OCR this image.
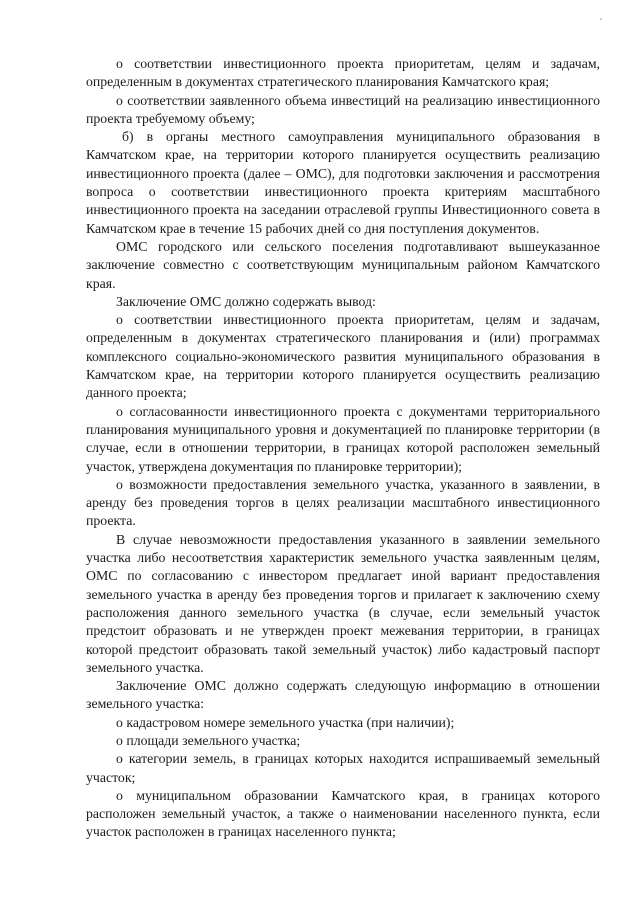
о соответствии инвестиционного проекта приоритетам, целям и задачам, определенным в документах стратегического планирования Камчатского края;

о соответствии заявленного объема инвестиций на реализацию инвестиционного проекта требуемому объему;

б) в органы местного самоуправления муниципального образования в Камчатском крае, на территории которого планируется осуществить реализацию инвестиционного проекта (далее – ОМС), для подготовки заключения и рассмотрения вопроса о соответствии инвестиционного проекта критериям масштабного инвестиционного проекта на заседании отраслевой группы Инвестиционного совета в Камчатском крае в течение 15 рабочих дней со дня поступления документов.

ОМС городского или сельского поселения подготавливают вышеуказанное заключение совместно с соответствующим муниципальным районом Камчатского края.

Заключение ОМС должно содержать вывод:

о соответствии инвестиционного проекта приоритетам, целям и задачам, определенным в документах стратегического планирования и (или) программах комплексного социально-экономического развития муниципального образования в Камчатском крае, на территории которого планируется осуществить реализацию данного проекта;

о согласованности инвестиционного проекта с документами территориального планирования муниципального уровня и документацией по планировке территории (в случае, если в отношении территории, в границах которой расположен земельный участок, утверждена документация по планировке территории);

о возможности предоставления земельного участка, указанного в заявлении, в аренду без проведения торгов в целях реализации масштабного инвестиционного проекта.

В случае невозможности предоставления указанного в заявлении земельного участка либо несоответствия характеристик земельного участка заявленным целям, ОМС по согласованию с инвестором предлагает иной вариант предоставления земельного участка в аренду без проведения торгов и прилагает к заключению схему расположения данного земельного участка (в случае, если земельный участок предстоит образовать и не утвержден проект межевания территории, в границах которой предстоит образовать такой земельный участок) либо кадастровый паспорт земельного участка.

Заключение ОМС должно содержать следующую информацию в отношении земельного участка:

о кадастровом номере земельного участка (при наличии);

о площади земельного участка;

о категории земель, в границах которых находится испрашиваемый земельный участок;

о муниципальном образовании Камчатского края, в границах которого расположен земельный участок, а также о наименовании населенного пункта, если участок расположен в границах населенного пункта;
